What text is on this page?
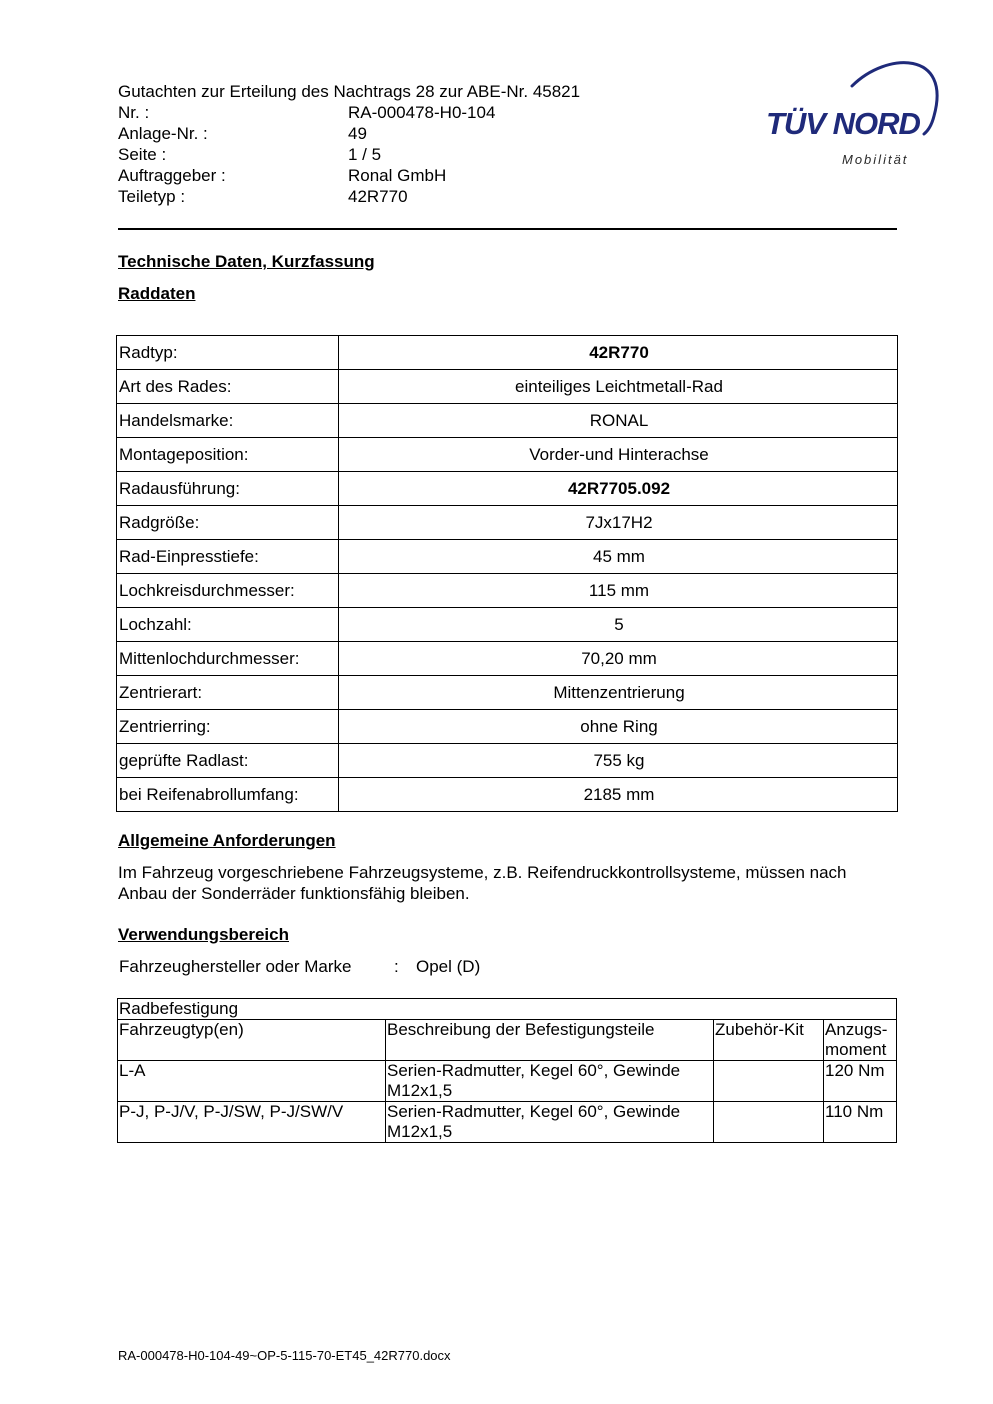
Gutachten zur Erteilung des Nachtrags 28 zur ABE-Nr. 45821
Nr. :	RA-000478-H0-104
Anlage-Nr. :	49
Seite :	1 / 5
Auftraggeber :	Ronal GmbH
Teiletyp :	42R770
TÜV NORD
Mobilität
Technische Daten, Kurzfassung
Raddaten
Radtyp:	42R770
Art des Rades:	einteiliges Leichtmetall-Rad
Handelsmarke:	RONAL
Montageposition:	Vorder-und Hinterachse
Radausführung:	42R7705.092
Radgröße:	7Jx17H2
Rad-Einpresstiefe:	45 mm
Lochkreisdurchmesser:	115 mm
Lochzahl:	5
Mittenlochdurchmesser:	70,20 mm
Zentrierart:	Mittenzentrierung
Zentrierring:	ohne Ring
geprüfte Radlast:	755 kg
bei Reifenabrollumfang:	2185 mm
Allgemeine Anforderungen
Im Fahrzeug vorgeschriebene Fahrzeugsysteme, z.B. Reifendruckkontrollsysteme, müssen nach Anbau der Sonderräder funktionsfähig bleiben.
Verwendungsbereich
Fahrzeughersteller oder Marke	: Opel (D)
Radbefestigung			
Fahrzeugtyp(en)	Beschreibung der Befestigungsteile	Zubehör-Kit	Anzugs-moment
L-A	Serien-Radmutter, Kegel 60°, Gewinde M12x1,5		120 Nm
P-J, P-J/V, P-J/SW, P-J/SW/V	Serien-Radmutter, Kegel 60°, Gewinde M12x1,5		110 Nm
RA-000478-H0-104-49~OP-5-115-70-ET45_42R770.docx
